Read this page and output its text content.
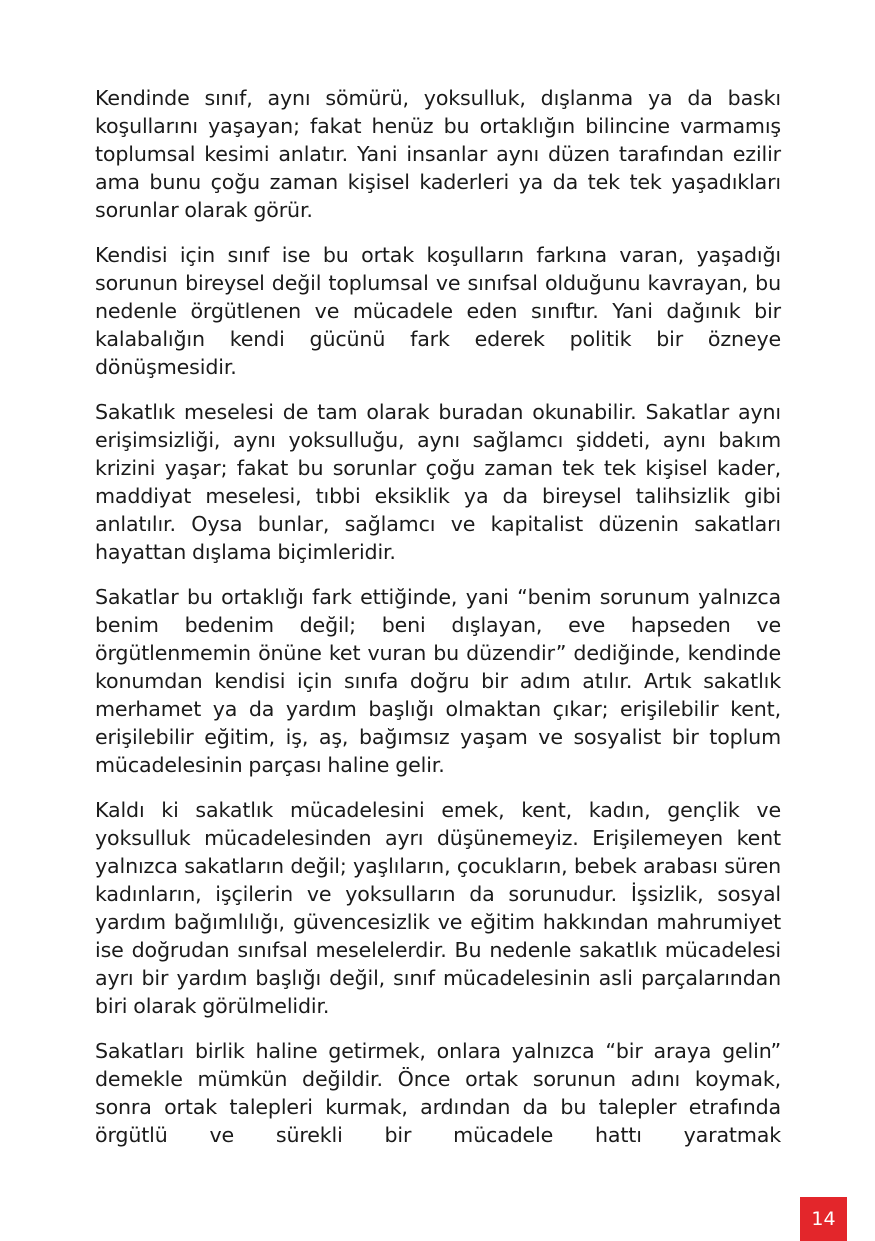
Kendinde sınıf, aynı sömürü, yoksulluk, dışlanma ya da baskı koşullarını yaşayan; fakat henüz bu ortaklığın bilincine varmamış toplumsal kesimi anlatır. Yani insanlar aynı düzen tarafından ezilir ama bunu çoğu zaman kişisel kaderleri ya da tek tek yaşadıkları sorunlar olarak görür.

Kendisi için sınıf ise bu ortak koşulların farkına varan, yaşadığı sorunun bireysel değil toplumsal ve sınıfsal olduğunu kavrayan, bu nedenle örgütlenen ve mücadele eden sınıftır. Yani dağınık bir kalabalığın kendi gücünü fark ederek politik bir özneye dönüşmesidir.

Sakatlık meselesi de tam olarak buradan okunabilir. Sakatlar aynı erişimsizliği, aynı yoksulluğu, aynı sağlamcı şiddeti, aynı bakım krizini yaşar; fakat bu sorunlar çoğu zaman tek tek kişisel kader, maddiyat meselesi, tıbbi eksiklik ya da bireysel talihsizlik gibi anlatılır. Oysa bunlar, sağlamcı ve kapitalist düzenin sakatları hayattan dışlama biçimleridir.

Sakatlar bu ortaklığı fark ettiğinde, yani “benim sorunum yalnızca benim bedenim değil; beni dışlayan, eve hapseden ve örgütlenmemin önüne ket vuran bu düzendir” dediğinde, kendinde konumdan kendisi için sınıfa doğru bir adım atılır. Artık sakatlık merhamet ya da yardım başlığı olmaktan çıkar; erişilebilir kent, erişilebilir eğitim, iş, aş, bağımsız yaşam ve sosyalist bir toplum mücadelesinin parçası haline gelir.

Kaldı ki sakatlık mücadelesini emek, kent, kadın, gençlik ve yoksulluk mücadelesinden ayrı düşünemeyiz. Erişilemeyen kent yalnızca sakatların değil; yaşlıların, çocukların, bebek arabası süren kadınların, işçilerin ve yoksulların da sorunudur. İşsizlik, sosyal yardım bağımlılığı, güvencesizlik ve eğitim hakkından mahrumiyet ise doğrudan sınıfsal meselelerdir. Bu nedenle sakatlık mücadelesi ayrı bir yardım başlığı değil, sınıf mücadelesinin asli parçalarından biri olarak görülmelidir.

Sakatları birlik haline getirmek, onlara yalnızca “bir araya gelin” demekle mümkün değildir. Önce ortak sorunun adını koymak, sonra ortak talepleri kurmak, ardından da bu talepler etrafında örgütlü ve sürekli bir mücadele hattı yaratmak

14
